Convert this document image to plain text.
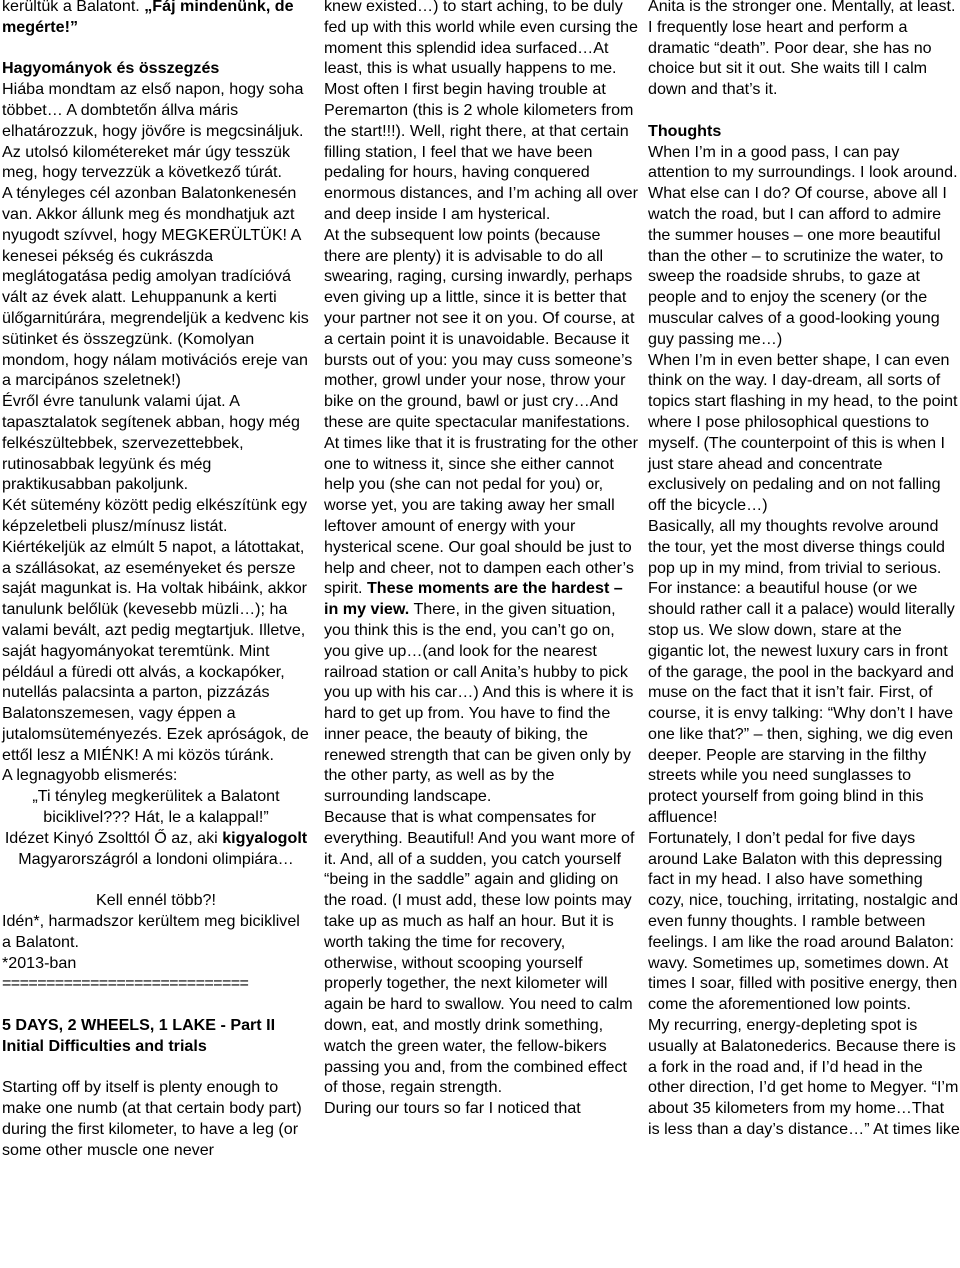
kerültük a Balatont. „Fáj mindenünk, de megérte!”

Hagyományok és összegzés

Hiába mondtam az első napon, hogy soha többet… A dombtetőn állva máris elhatározzuk, hogy jövőre is megcsináljuk. Az utolsó kilométereket már úgy tesszük meg, hogy tervezzük a következő túrát.

A tényleges cél azonban Balatonkenesén van. Akkor állunk meg és mondhatjuk azt nyugodt szívvel, hogy MEGKERÜLTÜK! A kenesei pékség és cukrászda meglátogatása pedig amolyan tradícióvá vált az évek alatt. Lehuppanunk a kerti ülőgarnitúrára, megrendeljük a kedvenc kis sütinket és összegzünk. (Komolyan mondom, hogy nálam motivációs ereje van a marcipános szeletnek!)

Évről évre tanulunk valami újat. A tapasztalatok segítenek abban, hogy még felkészültebbek, szervezettebbek, rutinosabbak legyünk és még praktikusabban pakoljunk.

Két sütemény között pedig elkészítünk egy képzeletbeli plusz/mínusz listát. Kiértékeljük az elmúlt 5 napot, a látottakat, a szállásokat, az eseményeket és persze saját magunkat is. Ha voltak hibáink, akkor tanulunk belőlük (kevesebb müzli…); ha valami bevált, azt pedig megtartjuk. Illetve, saját hagyományokat teremtünk. Mint például a füredi ott alvás, a kockapóker, nutellás palacsinta a parton, pizzázás Balatonszemesen, vagy éppen a jutalomsüteményezés. Ezek apróságok, de ettől lesz a MIÉNK! A mi közös túránk.

A legnagyobb elismerés:

„Ti tényleg megkerülitek a Balatont biciklivel??? Hát, le a kalappal!”

Idézet Kinyó Zsolttól Ő az, aki kigyalogolt Magyarországról a londoni olimpiára…

Kell ennél több?!

Idén*, harmadszor kerültem meg biciklivel a Balatont.

*2013-ban

============================

5 DAYS, 2 WHEELS, 1 LAKE - Part II

Initial Difficulties and trials

Starting off by itself is plenty enough to make one numb (at that certain body part) during the first kilometer, to have a leg (or some other muscle one never

knew existed…) to start aching, to be duly fed up with this world while even cursing the moment this splendid idea surfaced…At least, this is what usually happens to me. Most often I first begin having trouble at Peremarton (this is 2 whole kilometers from the start!!!). Well, right there, at that certain filling station, I feel that we have been pedaling for hours, having conquered enormous distances, and I’m aching all over and deep inside I am hysterical.

At the subsequent low points (because there are plenty) it is advisable to do all swearing, raging, cursing inwardly, perhaps even giving up a little, since it is better that your partner not see it on you. Of course, at a certain point it is unavoidable. Because it bursts out of you: you may cuss someone’s mother, growl under your nose, throw your bike on the ground, bawl or just cry…And these are quite spectacular manifestations. At times like that it is frustrating for the other one to witness it, since she either cannot help you (she can not pedal for you) or, worse yet, you are taking away her small leftover amount of energy with your hysterical scene. Our goal should be just to help and cheer, not to dampen each other’s spirit. These moments are the hardest – in my view. There, in the given situation, you think this is the end, you can’t go on, you give up…(and look for the nearest railroad station or call Anita’s hubby to pick you up with his car…) And this is where it is hard to get up from. You have to find the inner peace, the beauty of biking, the renewed strength that can be given only by the other party, as well as by the surrounding landscape.

Because that is what compensates for everything. Beautiful! And you want more of it. And, all of a sudden, you catch yourself “being in the saddle” again and gliding on the road. (I must add, these low points may take up as much as half an hour. But it is worth taking the time for recovery, otherwise, without scooping yourself properly together, the next kilometer will again be hard to swallow. You need to calm down, eat, and mostly drink something, watch the green water, the fellow-bikers passing you and, from the combined effect of those, regain strength.

During our tours so far I noticed that

Anita is the stronger one. Mentally, at least. I frequently lose heart and perform a dramatic “death”. Poor dear, she has no choice but sit it out. She waits till I calm down and that’s it.

Thoughts

When I’m in a good pass, I can pay attention to my surroundings. I look around. What else can I do? Of course, above all I watch the road, but I can afford to admire the summer houses – one more beautiful than the other – to scrutinize the water, to sweep the roadside shrubs, to gaze at people and to enjoy the scenery (or the muscular calves of a good-looking young guy passing me…)

When I’m in even better shape, I can even think on the way. I day-dream, all sorts of topics start flashing in my head, to the point where I pose philosophical questions to myself. (The counterpoint of this is when I just stare ahead and concentrate exclusively on pedaling and on not falling off the bicycle…)

Basically, all my thoughts revolve around the tour, yet the most diverse things could pop up in my mind, from trivial to serious. For instance: a beautiful house (or we should rather call it a palace) would literally stop us. We slow down, stare at the gigantic lot, the newest luxury cars in front of the garage, the pool in the backyard and muse on the fact that it isn’t fair. First, of course, it is envy talking: “Why don’t I have one like that?” – then, sighing, we dig even deeper. People are starving in the filthy streets while you need sunglasses to protect yourself from going blind in this affluence!

Fortunately, I don’t pedal for five days around Lake Balaton with this depressing fact in my head. I also have something cozy, nice, touching, irritating, nostalgic and even funny thoughts. I ramble between feelings. I am like the road around Balaton: wavy. Sometimes up, sometimes down. At times I soar, filled with positive energy, then come the aforementioned low points.

My recurring, energy-depleting spot is usually at Balatonederics. Because there is a fork in the road and, if I’d head in the other direction, I’d get home to Megyer. “I’m about 35 kilometers from my home…That is less than a day’s distance…” At times like
